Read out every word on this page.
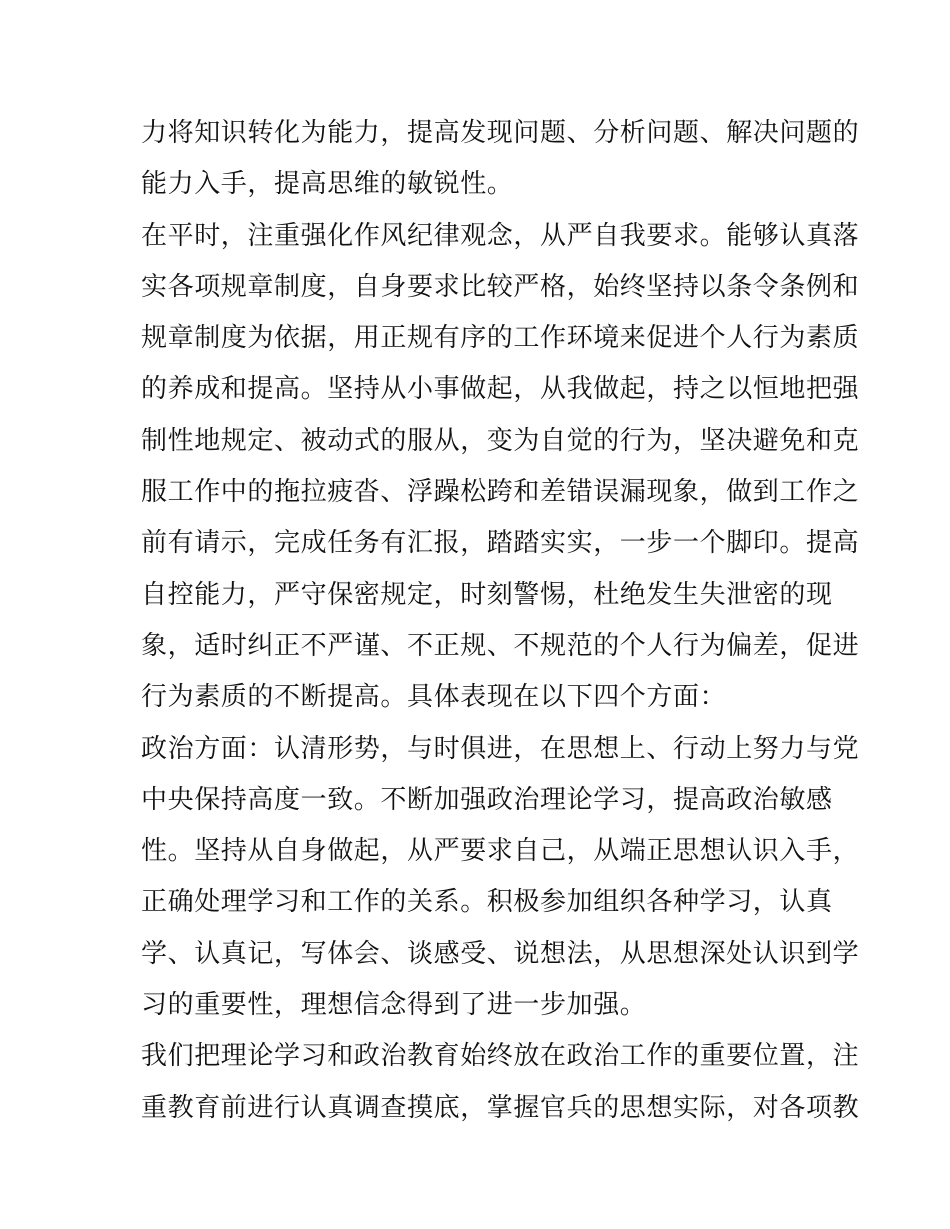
力将知识转化为能力，提高发现问题、分析问题、解决问题的
能力入手，提高思维的敏锐性。
在平时，注重强化作风纪律观念，从严自我要求。能够认真落
实各项规章制度，自身要求比较严格，始终坚持以条令条例和
规章制度为依据，用正规有序的工作环境来促进个人行为素质
的养成和提高。坚持从小事做起，从我做起，持之以恒地把强
制性地规定、被动式的服从，变为自觉的行为，坚决避免和克
服工作中的拖拉疲沓、浮躁松跨和差错误漏现象，做到工作之
前有请示，完成任务有汇报，踏踏实实，一步一个脚印。提高
自控能力，严守保密规定，时刻警惕，杜绝发生失泄密的现
象，适时纠正不严谨、不正规、不规范的个人行为偏差，促进
行为素质的不断提高。具体表现在以下四个方面：
政治方面：认清形势，与时俱进，在思想上、行动上努力与党
中央保持高度一致。不断加强政治理论学习，提高政治敏感
性。坚持从自身做起，从严要求自己，从端正思想认识入手，
正确处理学习和工作的关系。积极参加组织各种学习，认真
学、认真记，写体会、谈感受、说想法，从思想深处认识到学
习的重要性，理想信念得到了进一步加强。
我们把理论学习和政治教育始终放在政治工作的重要位置，注
重教育前进行认真调查摸底，掌握官兵的思想实际，对各项教
